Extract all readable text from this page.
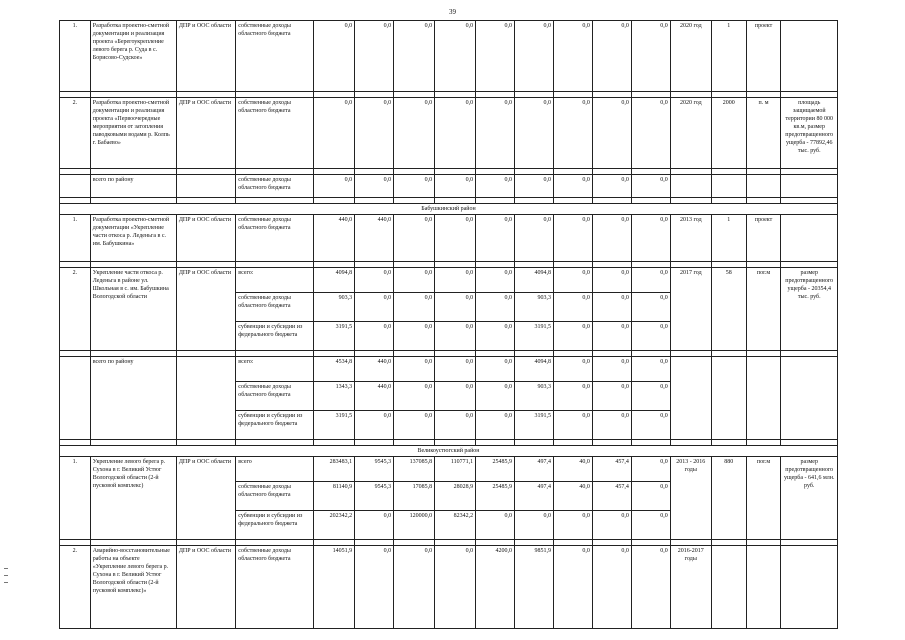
39
1.	Разработка проектно-сметной документации и реализация проекта «Берегоукрепление левого берега р. Суда в с. Борисово-Судское»	ДПР и ООС области	собственные доходы областного бюджета	0,0	0,0	0,0	0,0	0,0	0,0	0,0	0,0	0,0	2020 год	1	проект	

2.	Разработка проектно-сметной документации и реализация проекта «Первоочередные мероприятия от затопления паводковыми водами р. Колпь г. Бабаево»	ДПР и ООС области	собственные доходы областного бюджета	0,0	0,0	0,0	0,0	0,0	0,0	0,0	0,0	0,0	2020 год	2000	п. м	площадь защищаемой территории 80 000 кв.м, размер предотвращенного ущерба - 77892,46 тыс. руб.

	всего по району		собственные доходы областного бюджета	0,0	0,0	0,0	0,0	0,0	0,0	0,0	0,0	0,0				

Бабушкинский район																
1.	Разработка проектно-сметной документации «Укрепление части откоса р. Леденьга в с. им. Бабушкина»	ДПР и ООС области	собственные доходы областного бюджета	440,0	440,0	0,0	0,0	0,0	0,0	0,0	0,0	0,0	2013 год	1	проект	

2.	Укрепление части откоса р. Леденьга в районе ул. Школьная в с. им. Бабушкина Вологодской области	ДПР и ООС области	всего:	4094,8	0,0	0,0	0,0	0,0	4094,8	0,0	0,0	0,0	2017 год	58	пог.м	размер предотвращенного ущерба - 20354,4 тыс. руб.
			собственные доходы областного бюджета	903,3	0,0	0,0	0,0	0,0	903,3	0,0	0,0	0,0				
			субвенции и субсидии из федерального бюджета	3191,5	0,0	0,0	0,0	0,0	3191,5	0,0	0,0	0,0				

	всего по району		всего:	4534,8	440,0	0,0	0,0	0,0	4094,8	0,0	0,0	0,0				
			собственные доходы областного бюджета	1343,3	440,0	0,0	0,0	0,0	903,3	0,0	0,0	0,0				
			субвенции и субсидии из федерального бюджета	3191,5	0,0	0,0	0,0	0,0	3191,5	0,0	0,0	0,0				

Великоустюгский район																
1.	Укрепление левого берега р. Сухона в г. Великий Устюг Вологодской области (2-й пусковой комплекс)	ДПР и ООС области	всего	283483,1	9545,3	137085,8	110771,1	25485,9	497,4	40,0	457,4	0,0	2013 - 2016 годы	880	пог.м	размер предотвращенного ущерба - 641,6 млн. руб.
			собственные доходы областного бюджета	81140,9	9545,3	17085,8	28028,9	25485,9	497,4	40,0	457,4	0,0				
			субвенции и субсидии из федерального бюджета	202342,2	0,0	120000,0	82342,2	0,0	0,0	0,0	0,0	0,0				

2.	Аварийно-восстановительные работы на объекте «Укрепление левого берега р. Сухона в г. Великий Устюг Вологодской области (2-й пусковой комплекс)»	ДПР и ООС области	собственные доходы областного бюджета	14051,9	0,0	0,0	0,0	4200,0	9851,9	0,0	0,0	0,0	2016-2017 годы			
